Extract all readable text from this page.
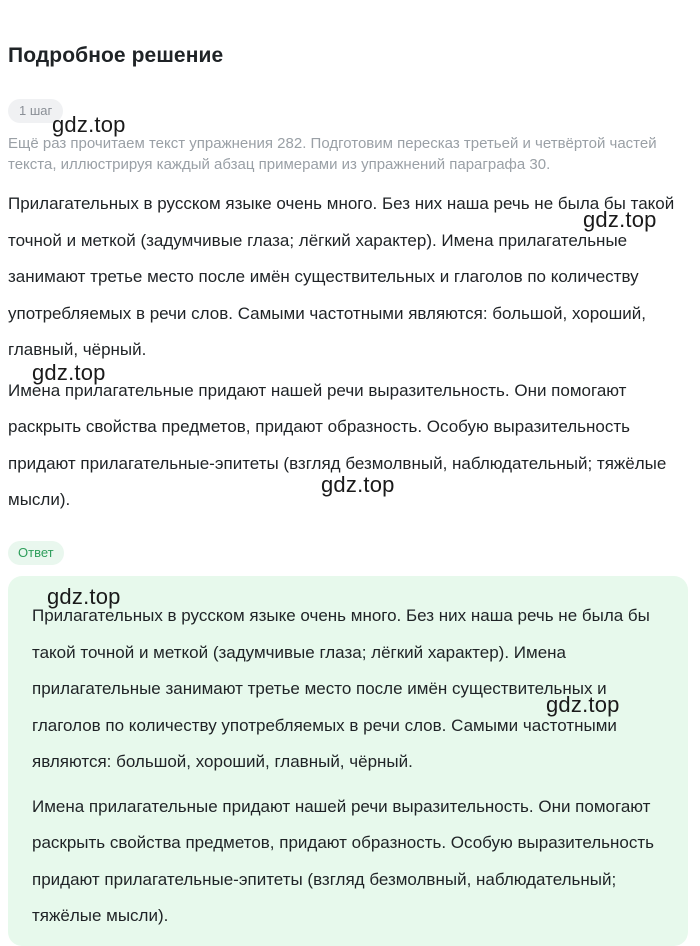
Подробное решение
1 шаг

Ещё раз прочитаем текст упражнения 282. Подготовим пересказ третьей и четвёртой частей текста, иллюстрируя каждый абзац примерами из упражнений параграфа 30.

Прилагательных в русском языке очень много. Без них наша речь не была бы такой точной и меткой (задумчивые глаза; лёгкий характер). Имена прилагательные занимают третье место после имён существительных и глаголов по количеству употребляемых в речи слов. Самыми частотными являются: большой, хороший, главный, чёрный.

Имена прилагательные придают нашей речи выразительность. Они помогают раскрыть свойства предметов, придают образность. Особую выразительность придают прилагательные-эпитеты (взгляд безмолвный, наблюдательный; тяжёлые мысли).

Ответ

Прилагательных в русском языке очень много. Без них наша речь не была бы такой точной и меткой (задумчивые глаза; лёгкий характер). Имена прилагательные занимают третье место после имён существительных и глаголов по количеству употребляемых в речи слов. Самыми частотными являются: большой, хороший, главный, чёрный.

Имена прилагательные придают нашей речи выразительность. Они помогают раскрыть свойства предметов, придают образность. Особую выразительность придают прилагательные-эпитеты (взгляд безмолвный, наблюдательный; тяжёлые мысли).

gdz.top
gdz.top
gdz.top
gdz.top
gdz.top
gdz.top
